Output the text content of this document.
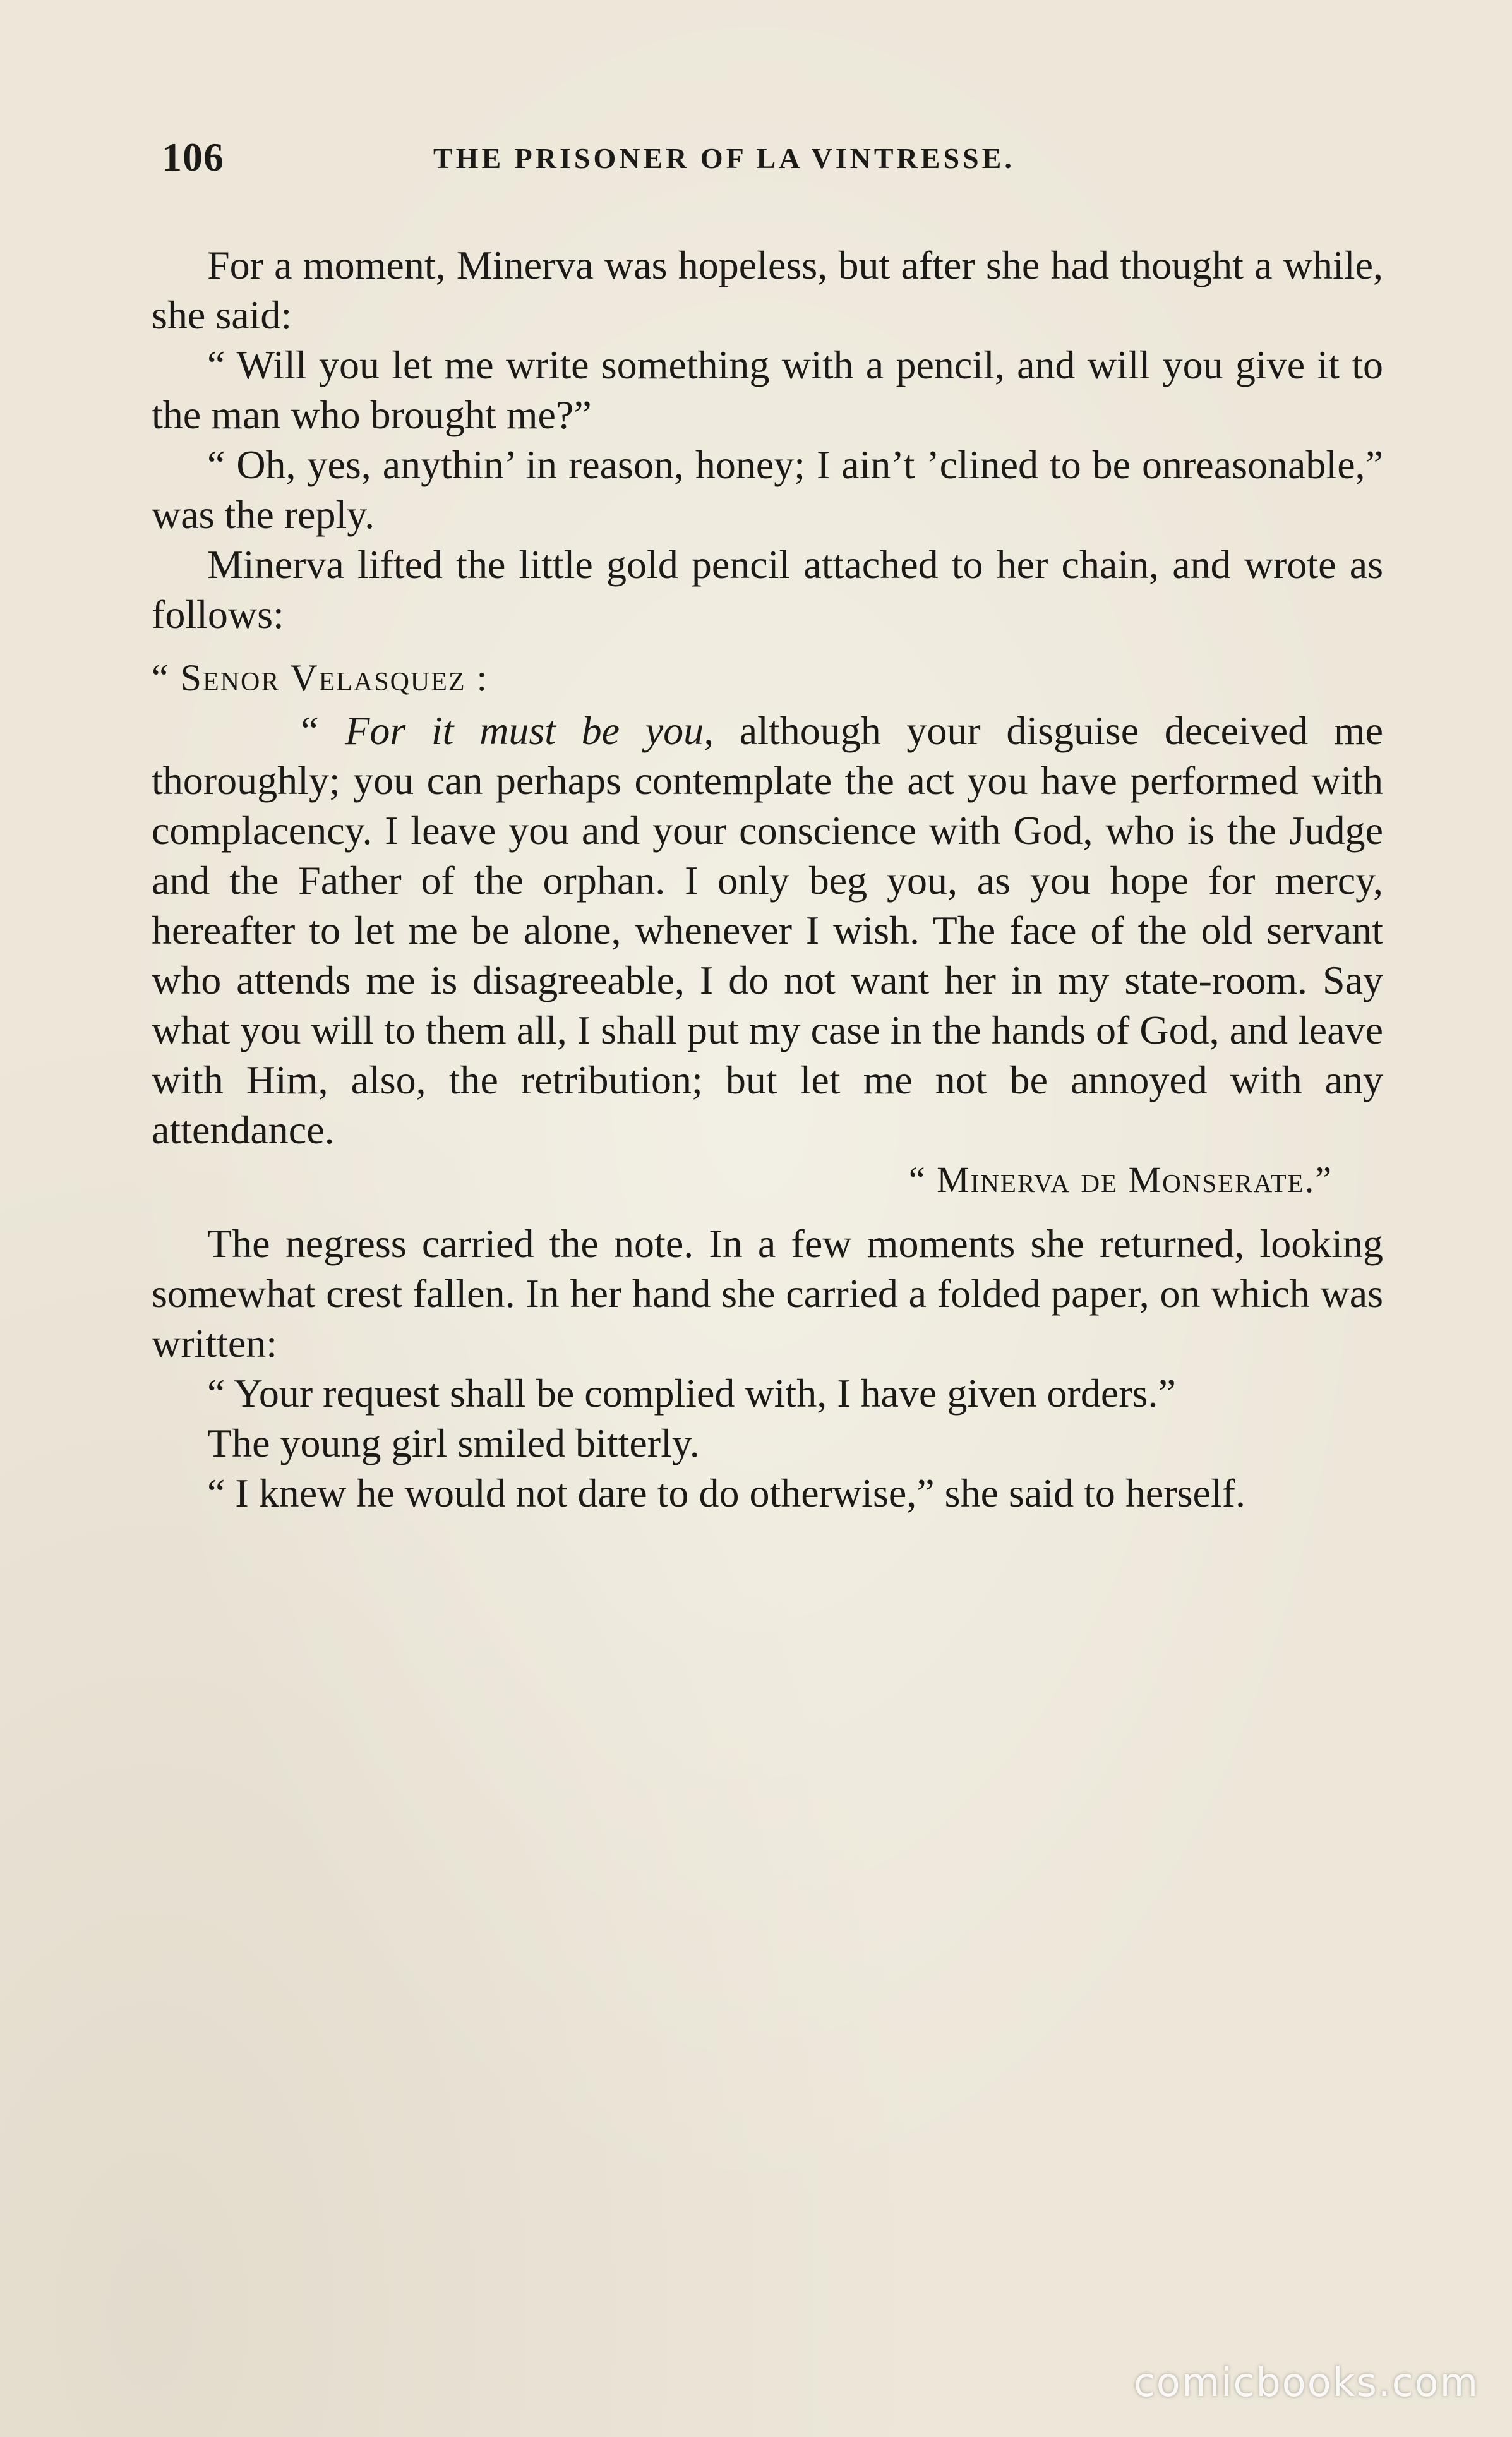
106	THE PRISONER OF LA VINTRESSE.

For a moment, Minerva was hopeless, but after she had thought a while, she said:

“ Will you let me write something with a pencil, and will you give it to the man who brought me?”

“ Oh, yes, anythin’ in reason, honey; I ain’t ’clined to be onreasonable,” was the reply.

Minerva lifted the little gold pencil attached to her chain, and wrote as follows:

“ Senor Velasquez :

“ For it must be you, although your disguise deceived me thoroughly; you can perhaps contemplate the act you have performed with complacency. I leave you and your conscience with God, who is the Judge and the Father of the orphan. I only beg you, as you hope for mercy, hereafter to let me be alone, whenever I wish. The face of the old servant who attends me is disagreeable, I do not want her in my state-room. Say what you will to them all, I shall put my case in the hands of God, and leave with Him, also, the retribution; but let me not be annoyed with any attendance.

“ Minerva de Monserate.”

The negress carried the note. In a few moments she returned, looking somewhat crest fallen. In her hand she carried a folded paper, on which was written:

“ Your request shall be complied with, I have given orders.”

The young girl smiled bitterly.

“ I knew he would not dare to do otherwise,” she said to herself.

comicbooks.com
